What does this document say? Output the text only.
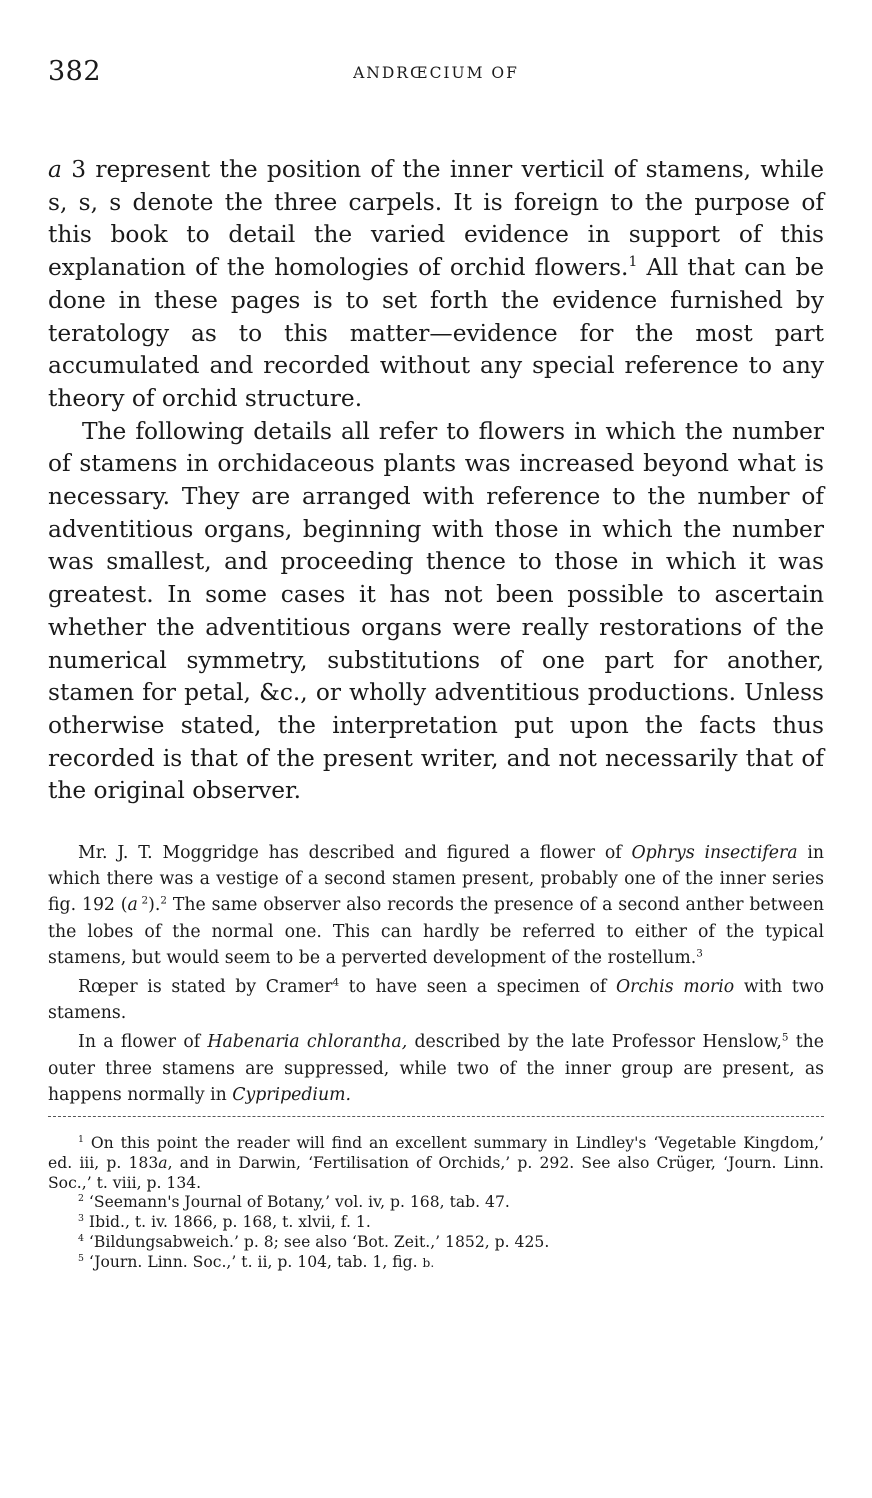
382	ANDRŒCIUM OF

a 3 represent the position of the inner verticil of stamens, while s, s, s denote the three carpels. It is foreign to the purpose of this book to detail the varied evidence in support of this explanation of the homologies of orchid flowers.$^1$ All that can be done in these pages is to set forth the evidence furnished by teratology as to this matter—evidence for the most part accumulated and recorded without any special reference to any theory of orchid structure.

The following details all refer to flowers in which the number of stamens in orchidaceous plants was increased beyond what is necessary. They are arranged with reference to the number of adventitious organs, beginning with those in which the number was smallest, and proceeding thence to those in which it was greatest. In some cases it has not been possible to ascertain whether the adventitious organs were really restorations of the numerical symmetry, substitutions of one part for another, stamen for petal, &c., or wholly adventitious productions. Unless otherwise stated, the interpretation put upon the facts thus recorded is that of the present writer, and not necessarily that of the original observer.

Mr. J. T. Moggridge has described and figured a flower of Ophrys insectifera in which there was a vestige of a second stamen present, probably one of the inner series fig. 192 (a $^2$).$^2$ The same observer also records the presence of a second anther between the lobes of the normal one. This can hardly be referred to either of the typical stamens, but would seem to be a perverted development of the rostellum.$^3$

Rœper is stated by Cramer$^4$ to have seen a specimen of Orchis morio with two stamens.

In a flower of Habenaria chlorantha, described by the late Professor Henslow,$^5$ the outer three stamens are suppressed, while two of the inner group are present, as happens normally in Cypripedium.

$^1$ On this point the reader will find an excellent summary in Lindley's ‘Vegetable Kingdom,’ ed. iii, p. 183a, and in Darwin, ‘Fertilisation of Orchids,’ p. 292. See also Crüger, ‘Journ. Linn. Soc.,’ t. viii, p. 134.

$^2$ ‘Seemann's Journal of Botany,’ vol. iv, p. 168, tab. 47.

$^3$ Ibid., t. iv. 1866, p. 168, t. xlvii, f. 1.

$^4$ ‘Bildungsabweich.’ p. 8; see also ‘Bot. Zeit.,’ 1852, p. 425.

$^5$ ‘Journ. Linn. Soc.,’ t. ii, p. 104, tab. 1, fig. b.
